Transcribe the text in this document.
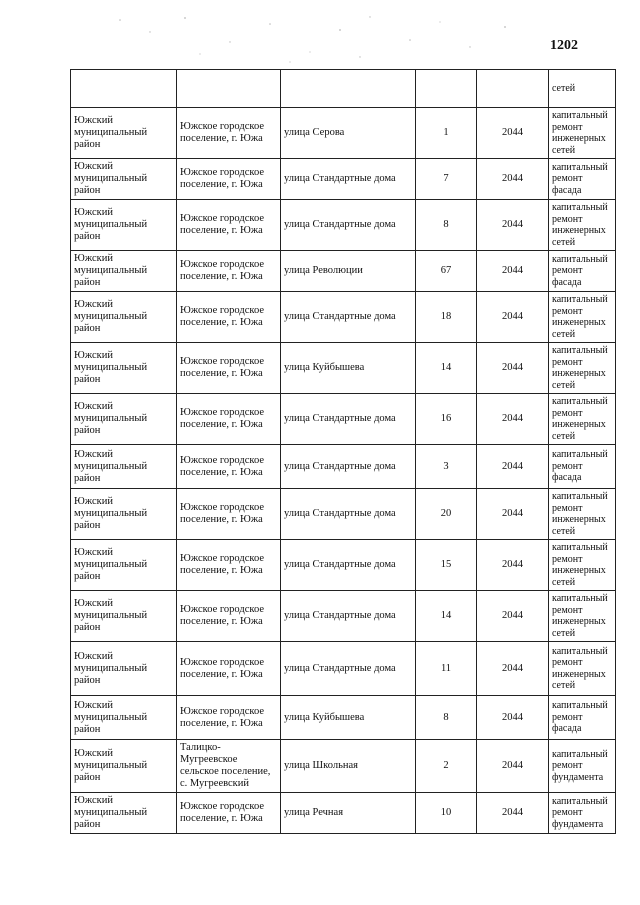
1202
					сетей
Южский муниципальный район	Южское городское поселение, г. Южа	улица Серова	1	2044	капитальный ремонт инженерных сетей
Южский муниципальный район	Южское городское поселение, г. Южа	улица Стандартные дома	7	2044	капитальный ремонт фасада
Южский муниципальный район	Южское городское поселение, г. Южа	улица Стандартные дома	8	2044	капитальный ремонт инженерных сетей
Южский муниципальный район	Южское городское поселение, г. Южа	улица Революции	67	2044	капитальный ремонт фасада
Южский муниципальный район	Южское городское поселение, г. Южа	улица Стандартные дома	18	2044	капитальный ремонт инженерных сетей
Южский муниципальный район	Южское городское поселение, г. Южа	улица Куйбышева	14	2044	капитальный ремонт инженерных сетей
Южский муниципальный район	Южское городское поселение, г. Южа	улица Стандартные дома	16	2044	капитальный ремонт инженерных сетей
Южский муниципальный район	Южское городское поселение, г. Южа	улица Стандартные дома	3	2044	капитальный ремонт фасада
Южский муниципальный район	Южское городское поселение, г. Южа	улица Стандартные дома	20	2044	капитальный ремонт инженерных сетей
Южский муниципальный район	Южское городское поселение, г. Южа	улица Стандартные дома	15	2044	капитальный ремонт инженерных сетей
Южский муниципальный район	Южское городское поселение, г. Южа	улица Стандартные дома	14	2044	капитальный ремонт инженерных сетей
Южский муниципальный район	Южское городское поселение, г. Южа	улица Стандартные дома	11	2044	капитальный ремонт инженерных сетей
Южский муниципальный район	Южское городское поселение, г. Южа	улица Куйбышева	8	2044	капитальный ремонт фасада
Южский муниципальный район	Талицко-Мугреевское сельское поселение, с. Мугреевский	улица Школьная	2	2044	капитальный ремонт фундамента
Южский муниципальный район	Южское городское поселение, г. Южа	улица Речная	10	2044	капитальный ремонт фундамента
